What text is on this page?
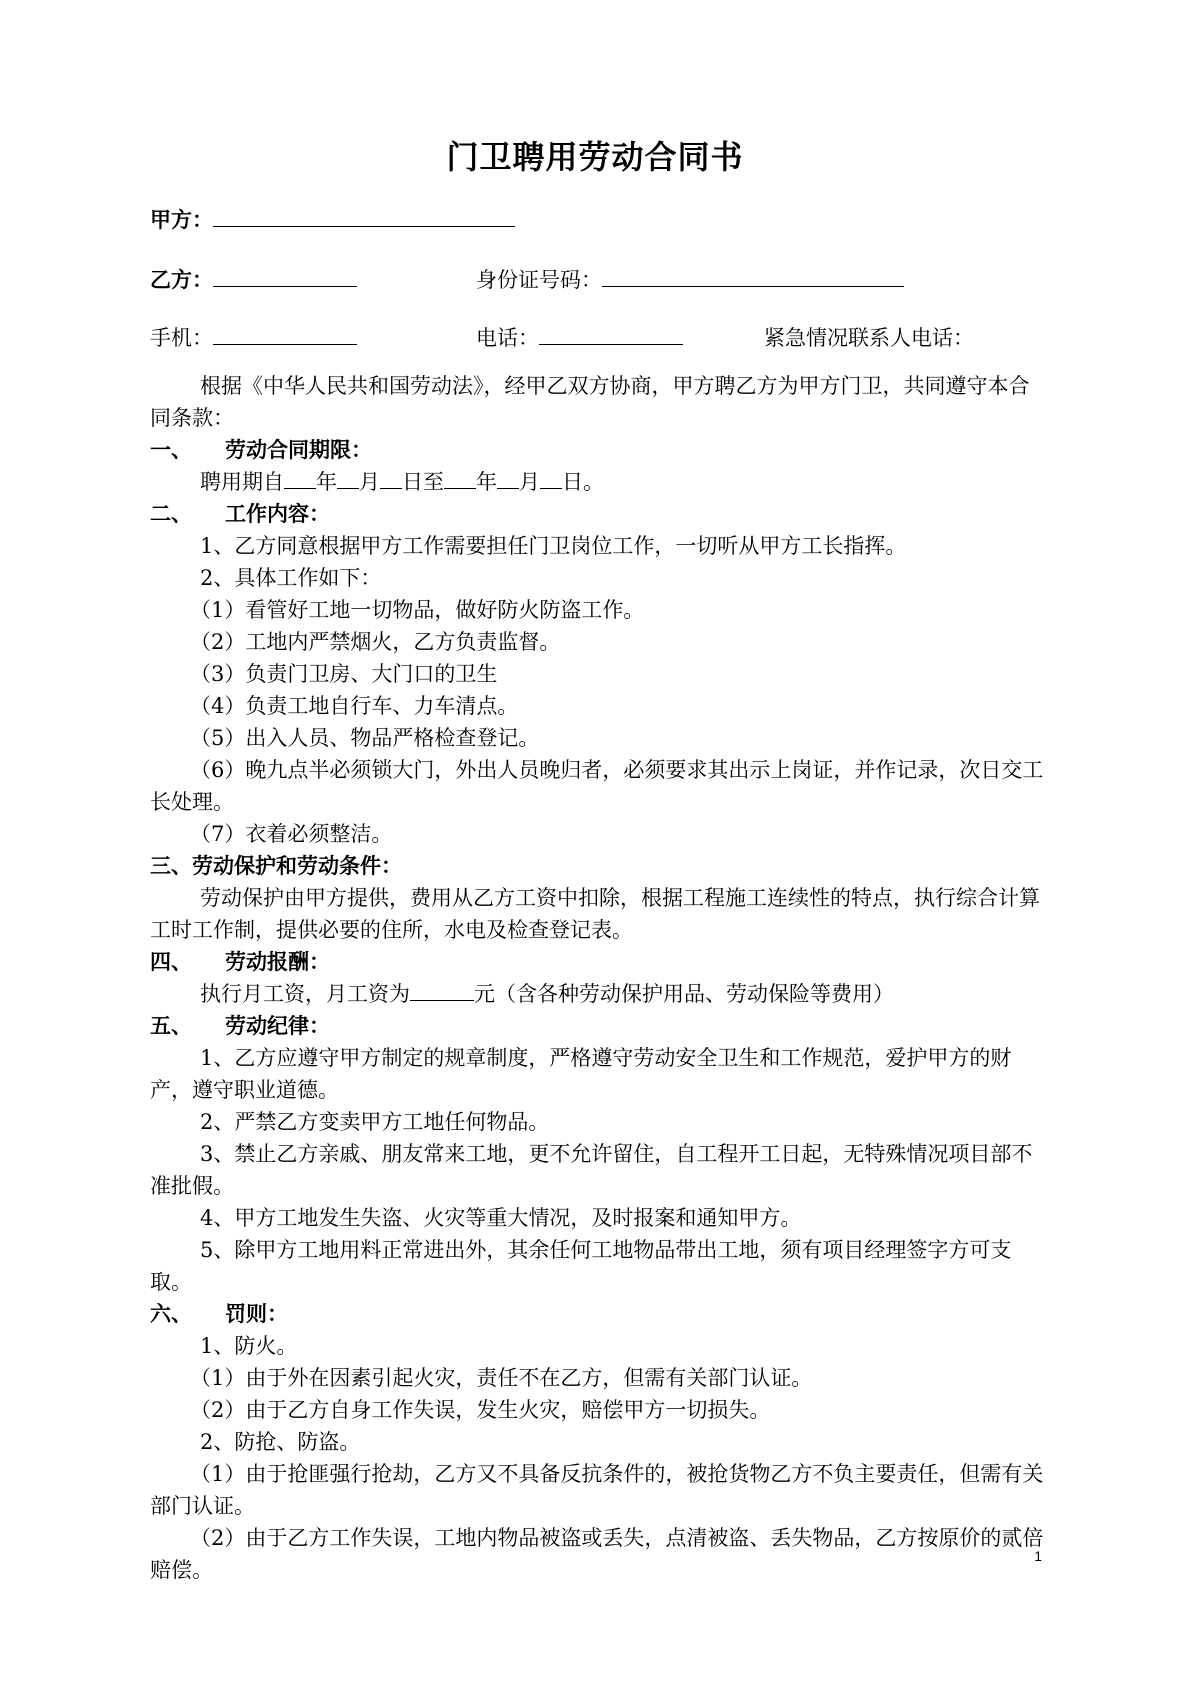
门卫聘用劳动合同书
甲方：
乙方：	身份证号码：
手机：	电话：	紧急情况联系人电话：

根据《中华人民共和国劳动法》，经甲乙双方协商，甲方聘乙方为甲方门卫，共同遵守本合同条款：

一、 劳动合同期限：

聘用期自 年 月 日至 年 月 日。

二、 工作内容：

1、乙方同意根据甲方工作需要担任门卫岗位工作，一切听从甲方工长指挥。

2、具体工作如下：

（1）看管好工地一切物品，做好防火防盗工作。

（2）工地内严禁烟火，乙方负责监督。

（3）负责门卫房、大门口的卫生

（4）负责工地自行车、力车清点。

（5）出入人员、物品严格检查登记。

（6）晚九点半必须锁大门，外出人员晚归者，必须要求其出示上岗证，并作记录，次日交工长处理。

（7）衣着必须整洁。

三、劳动保护和劳动条件：

劳动保护由甲方提供，费用从乙方工资中扣除，根据工程施工连续性的特点，执行综合计算工时工作制，提供必要的住所，水电及检查登记表。

四、 劳动报酬：

执行月工资，月工资为	元（含各种劳动保护用品、劳动保险等费用）

五、 劳动纪律：

1、乙方应遵守甲方制定的规章制度，严格遵守劳动安全卫生和工作规范，爱护甲方的财产，遵守职业道德。

2、严禁乙方变卖甲方工地任何物品。

3、禁止乙方亲戚、朋友常来工地，更不允许留住，自工程开工日起，无特殊情况项目部不准批假。

4、甲方工地发生失盗、火灾等重大情况，及时报案和通知甲方。

5、除甲方工地用料正常进出外，其余任何工地物品带出工地，须有项目经理签字方可支取。

六、 罚则：

1、防火。

（1）由于外在因素引起火灾，责任不在乙方，但需有关部门认证。

（2）由于乙方自身工作失误，发生火灾，赔偿甲方一切损失。

2、防抢、防盗。

（1）由于抢匪强行抢劫，乙方又不具备反抗条件的，被抢货物乙方不负主要责任，但需有关部门认证。

（2）由于乙方工作失误，工地内物品被盗或丢失，点清被盗、丢失物品，乙方按原价的贰倍赔偿。

1
